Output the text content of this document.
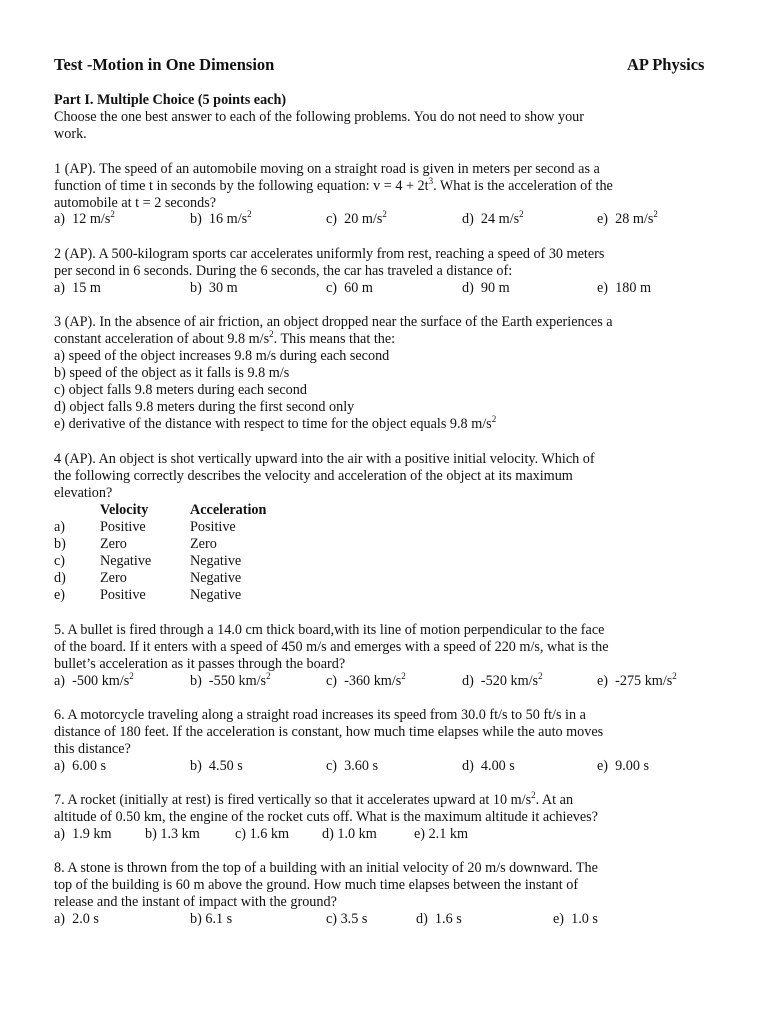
Test -Motion in One Dimension	AP Physics
Part I. Multiple Choice (5 points each)
Choose the one best answer to each of the following problems. You do not need to show your
work.
1 (AP). The speed of an automobile moving on a straight road is given in meters per second as a
function of time t in seconds by the following equation: $v = 4 + 2t^3$. What is the acceleration of the
automobile at t = 2 seconds?
a) 12 $m/s^2$	b) 16 $m/s^2$	c) 20 $m/s^2$	d) 24 $m/s^2$	e) 28 $m/s^2$
2 (AP). A 500-kilogram sports car accelerates uniformly from rest, reaching a speed of 30 meters
per second in 6 seconds. During the 6 seconds, the car has traveled a distance of:
a) 15 m	b) 30 m	c) 60 m	d) 90 m	e) 180 m
3 (AP). In the absence of air friction, an object dropped near the surface of the Earth experiences a
constant acceleration of about 9.8 $m/s^2$. This means that the:
a) speed of the object increases 9.8 m/s during each second
b) speed of the object as it falls is 9.8 m/s
c) object falls 9.8 meters during each second
d) object falls 9.8 meters during the first second only
e) derivative of the distance with respect to time for the object equals 9.8 $m/s^2$
4 (AP). An object is shot vertically upward into the air with a positive initial velocity. Which of
the following correctly describes the velocity and acceleration of the object at its maximum
elevation?
Velocity	Acceleration
a) Positive	Positive
b) Zero	Zero
c) Negative	Negative
d) Zero	Negative
e) Positive	Negative
5. A bullet is fired through a 14.0 cm thick board,with its line of motion perpendicular to the face
of the board. If it enters with a speed of 450 m/s and emerges with a speed of 220 m/s, what is the
bullet’s acceleration as it passes through the board?
a) -500 $km/s^2$	b) -550 $km/s^2$	c) -360 $km/s^2$	d) -520 $km/s^2$	e) -275 $km/s^2$
6. A motorcycle traveling along a straight road increases its speed from 30.0 ft/s to 50 ft/s in a
distance of 180 feet. If the acceleration is constant, how much time elapses while the auto moves
this distance?
a) 6.00 s	b) 4.50 s	c) 3.60 s	d) 4.00 s	e) 9.00 s
7. A rocket (initially at rest) is fired vertically so that it accelerates upward at 10 $m/s^2$. At an
altitude of 0.50 km, the engine of the rocket cuts off. What is the maximum altitude it achieves?
a) 1.9 km b) 1.3 km c) 1.6 km d) 1.0 km	e) 2.1 km
8. A stone is thrown from the top of a building with an initial velocity of 20 m/s downward. The
top of the building is 60 m above the ground. How much time elapses between the instant of
release and the instant of impact with the ground?
a) 2.0 s	b) 6.1 s	c) 3.5 s	d) 1.6 s	e) 1.0 s
